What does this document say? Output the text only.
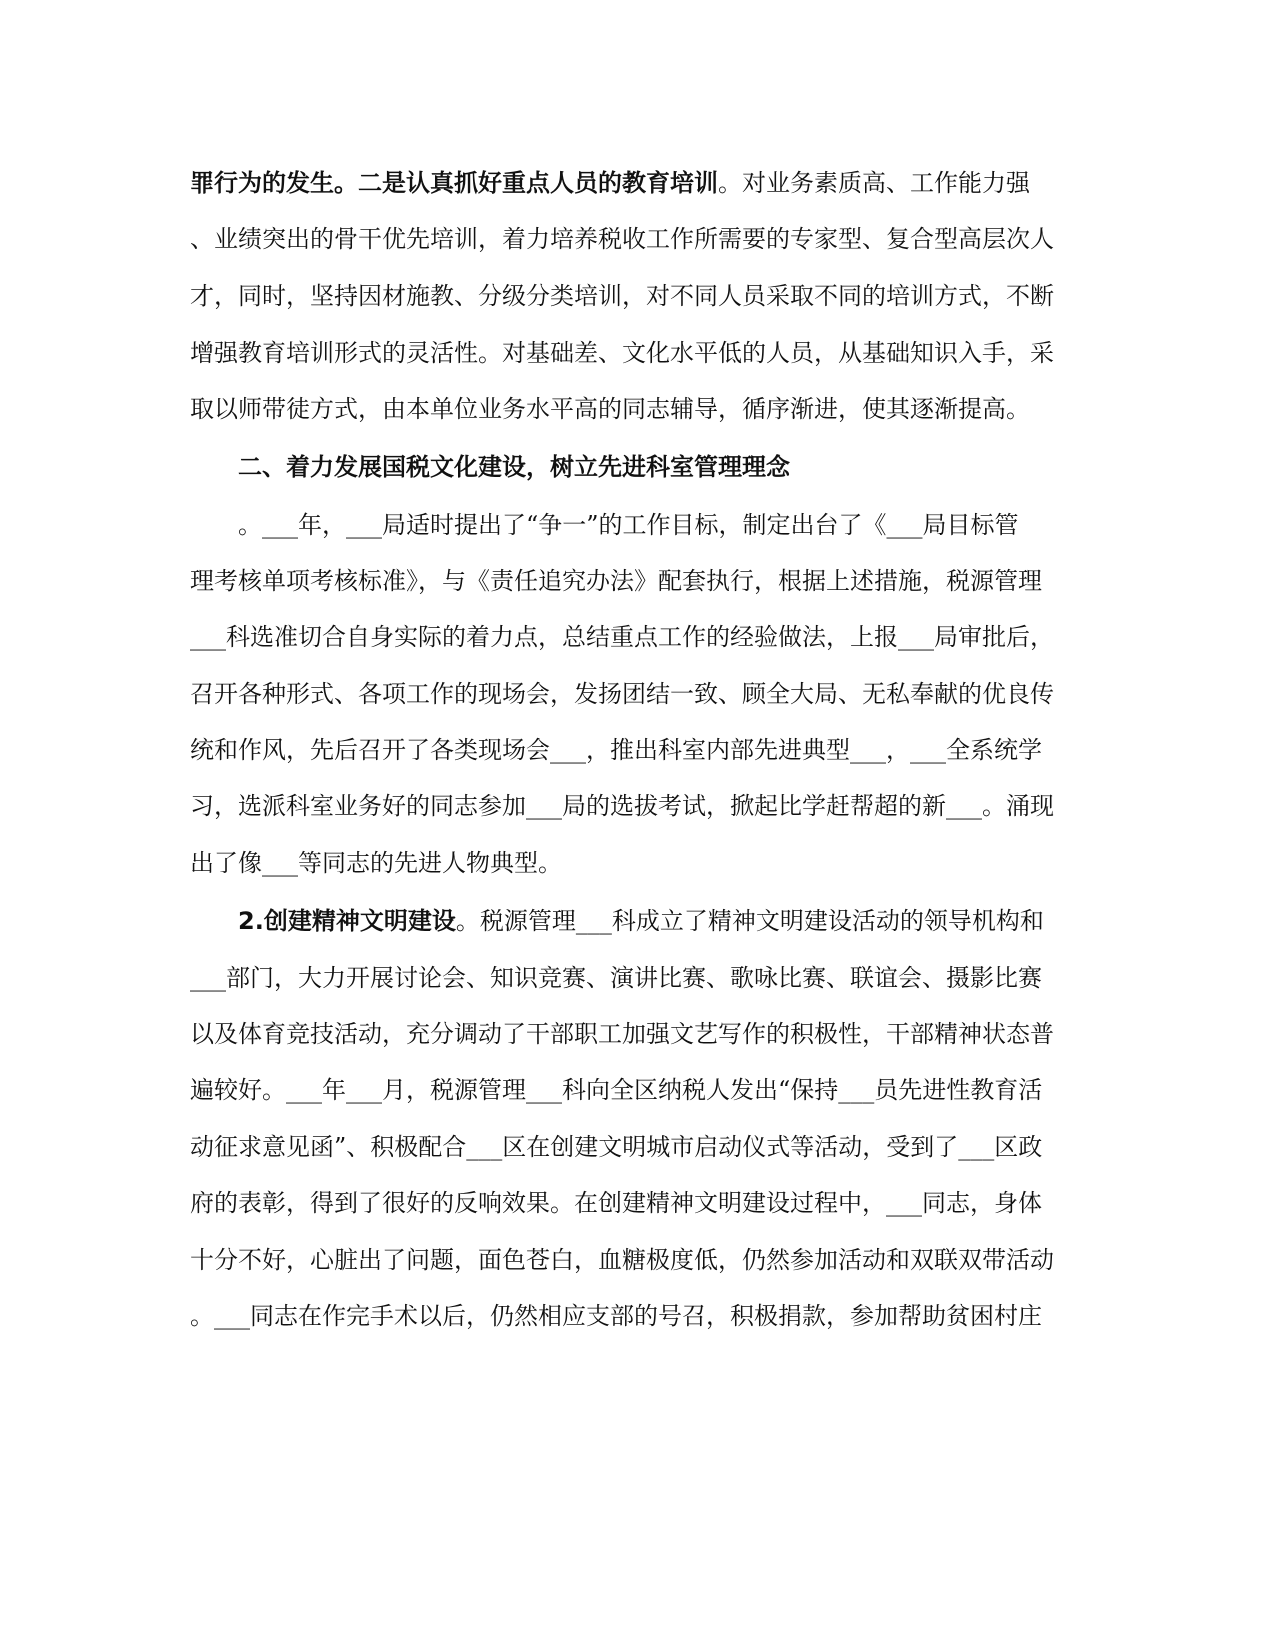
罪行为的发生。二是认真抓好重点人员的教育培训。对业务素质高、工作能力强
、业绩突出的骨干优先培训，着力培养税收工作所需要的专家型、复合型高层次人
才，同时，坚持因材施教、分级分类培训，对不同人员采取不同的培训方式，不断
增强教育培训形式的灵活性。对基础差、文化水平低的人员，从基础知识入手，采
取以师带徒方式，由本单位业务水平高的同志辅导，循序渐进，使其逐渐提高。
二、着力发展国税文化建设，树立先进科室管理理念
。___年，___局适时提出了“争一”的工作目标，制定出台了《___局目标管
理考核单项考核标准》，与《责任追究办法》配套执行，根据上述措施，税源管理
___科选准切合自身实际的着力点，总结重点工作的经验做法，上报___局审批后，
召开各种形式、各项工作的现场会，发扬团结一致、顾全大局、无私奉献的优良传
统和作风，先后召开了各类现场会___，推出科室内部先进典型___，___全系统学
习，选派科室业务好的同志参加___局的选拔考试，掀起比学赶帮超的新___。涌现
出了像___等同志的先进人物典型。
2.创建精神文明建设。税源管理___科成立了精神文明建设活动的领导机构和
___部门，大力开展讨论会、知识竞赛、演讲比赛、歌咏比赛、联谊会、摄影比赛
以及体育竞技活动，充分调动了干部职工加强文艺写作的积极性，干部精神状态普
遍较好。___年___月，税源管理___科向全区纳税人发出“保持___员先进性教育活
动征求意见函”、积极配合___区在创建文明城市启动仪式等活动，受到了___区政
府的表彰，得到了很好的反响效果。在创建精神文明建设过程中，___同志，身体
十分不好，心脏出了问题，面色苍白，血糖极度低，仍然参加活动和双联双带活动
。___同志在作完手术以后，仍然相应支部的号召，积极捐款，参加帮助贫困村庄
